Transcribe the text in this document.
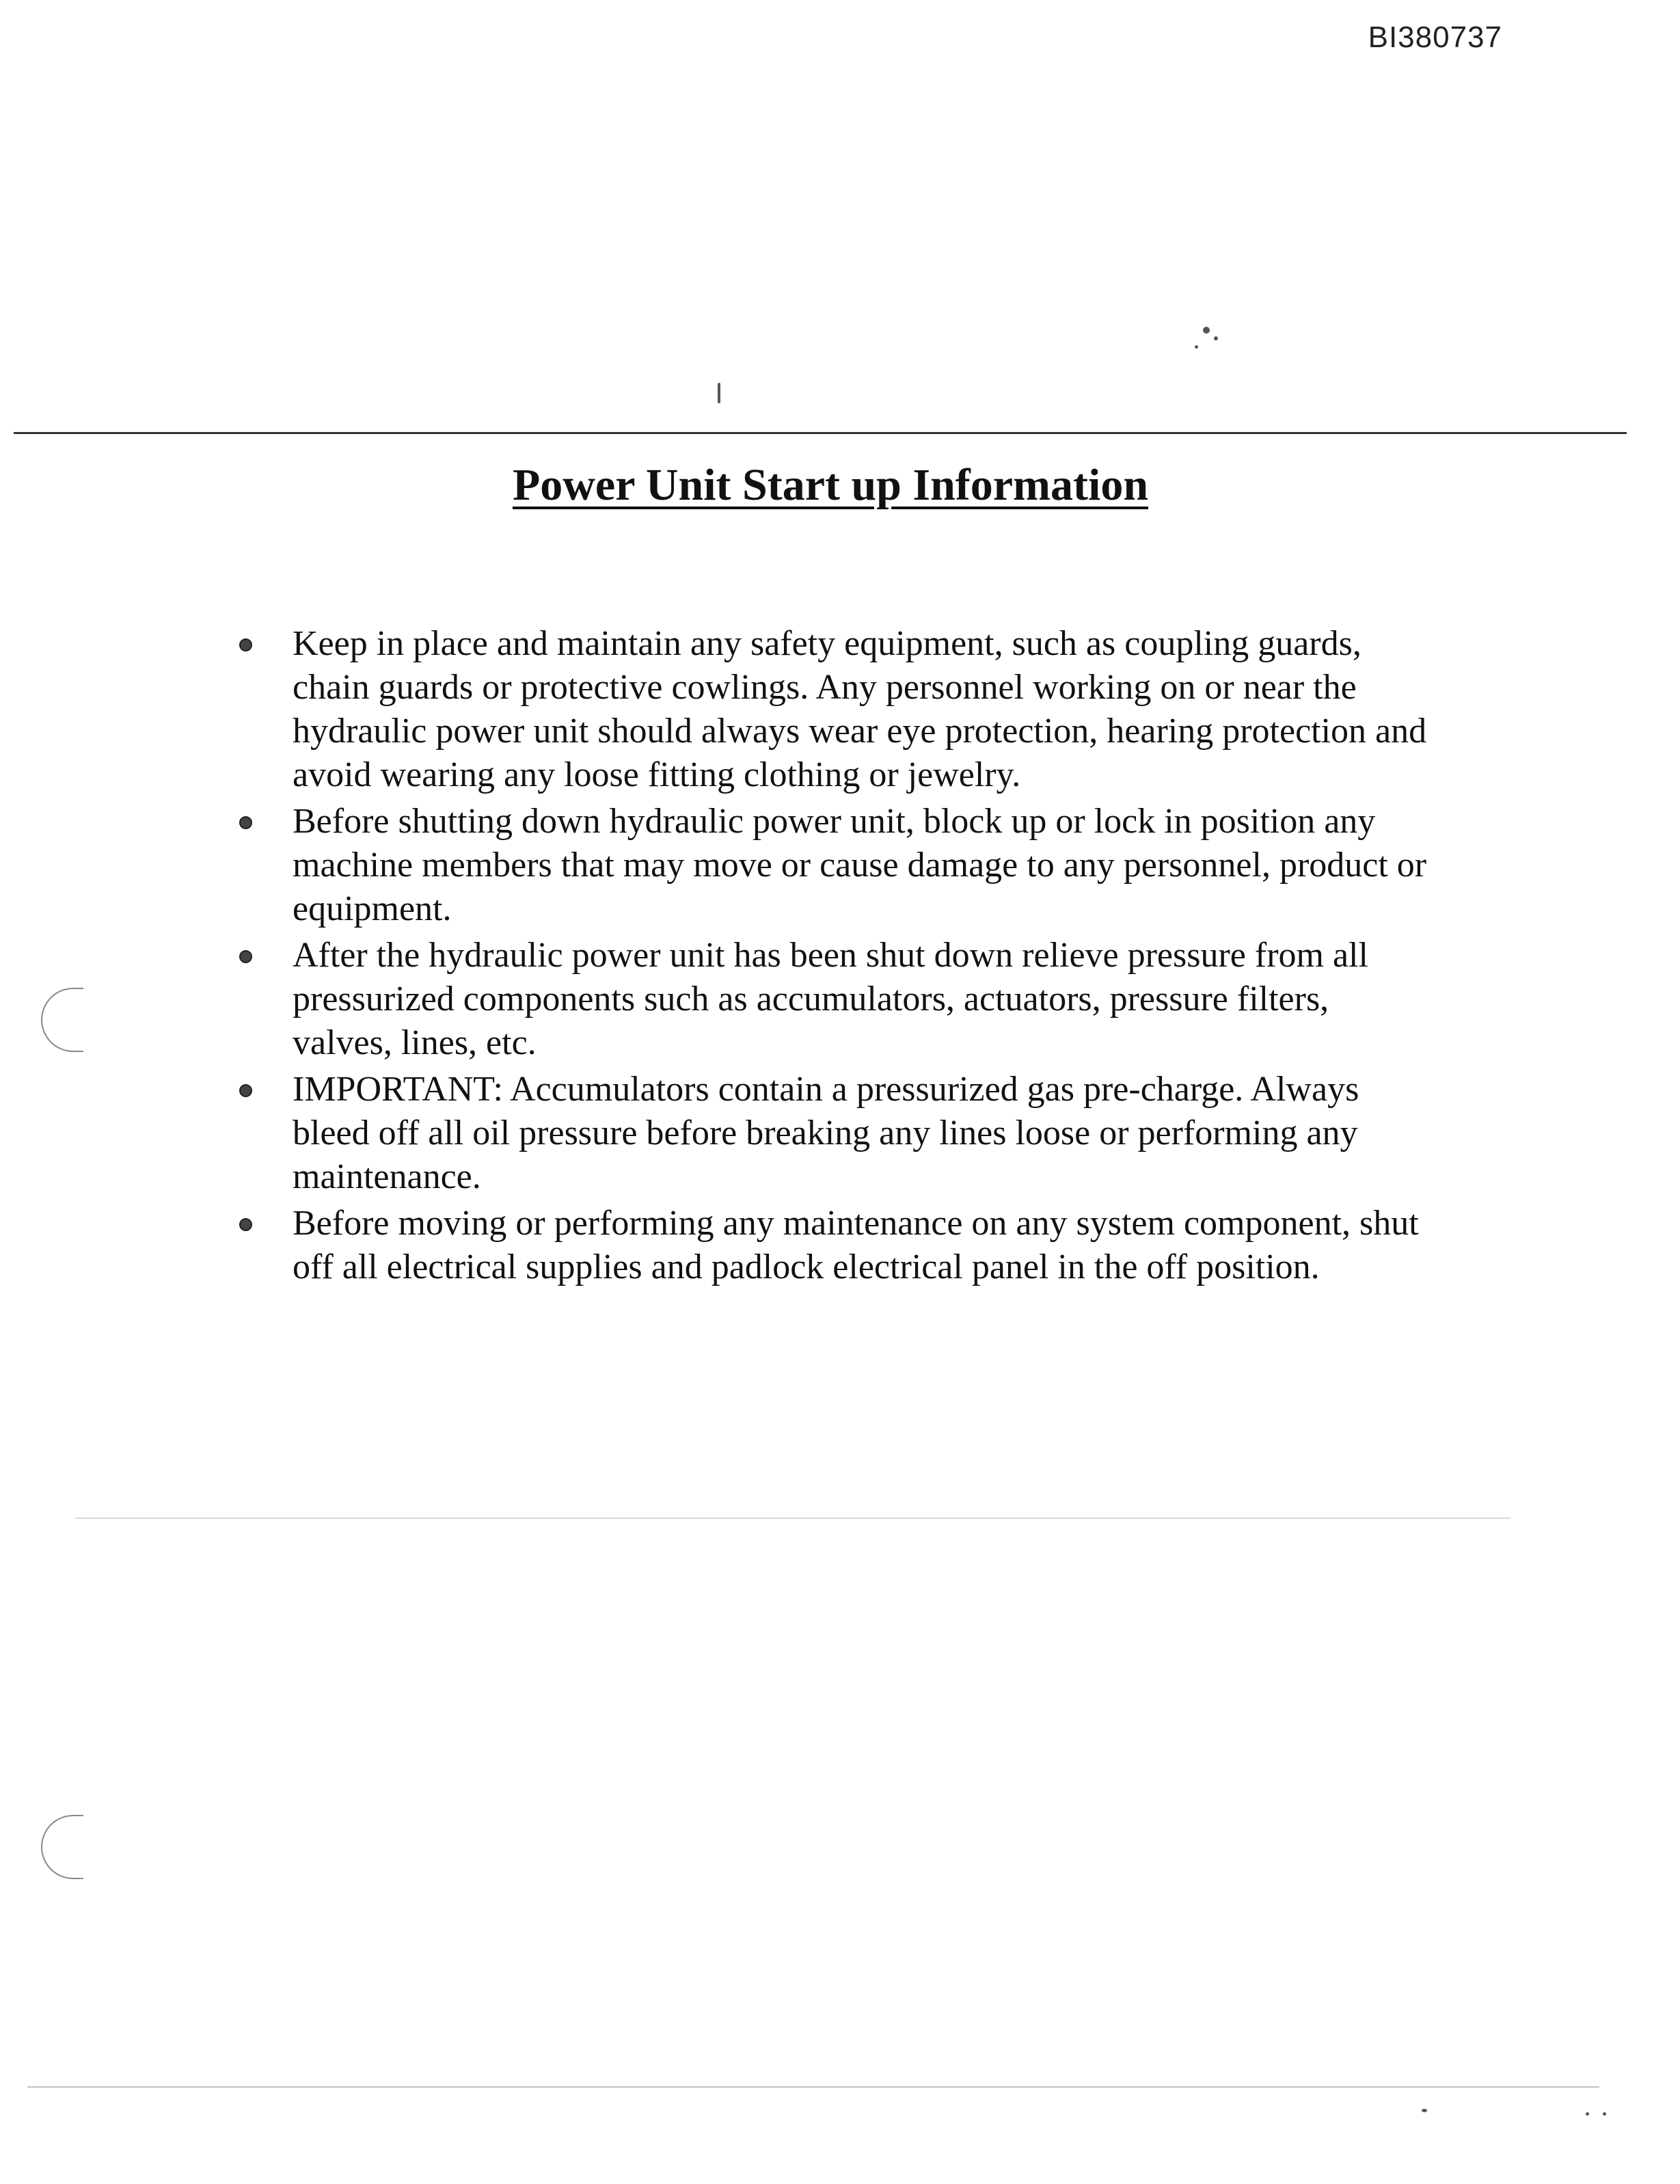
BI380737
Power Unit Start up Information
Keep in place and maintain any safety equipment, such as coupling guards, chain guards or protective cowlings. Any personnel working on or near the hydraulic power unit should always wear eye protection, hearing protection and avoid wearing any loose fitting clothing or jewelry.
Before shutting down hydraulic power unit, block up or lock in position any machine members that may move or cause damage to any personnel, product or equipment.
After the hydraulic power unit has been shut down relieve pressure from all pressurized components such as accumulators, actuators, pressure filters, valves, lines, etc.
IMPORTANT: Accumulators contain a pressurized gas pre-charge. Always bleed off all oil pressure before breaking any lines loose or performing any maintenance.
Before moving or performing any maintenance on any system component, shut off all electrical supplies and padlock electrical panel in the off position.
